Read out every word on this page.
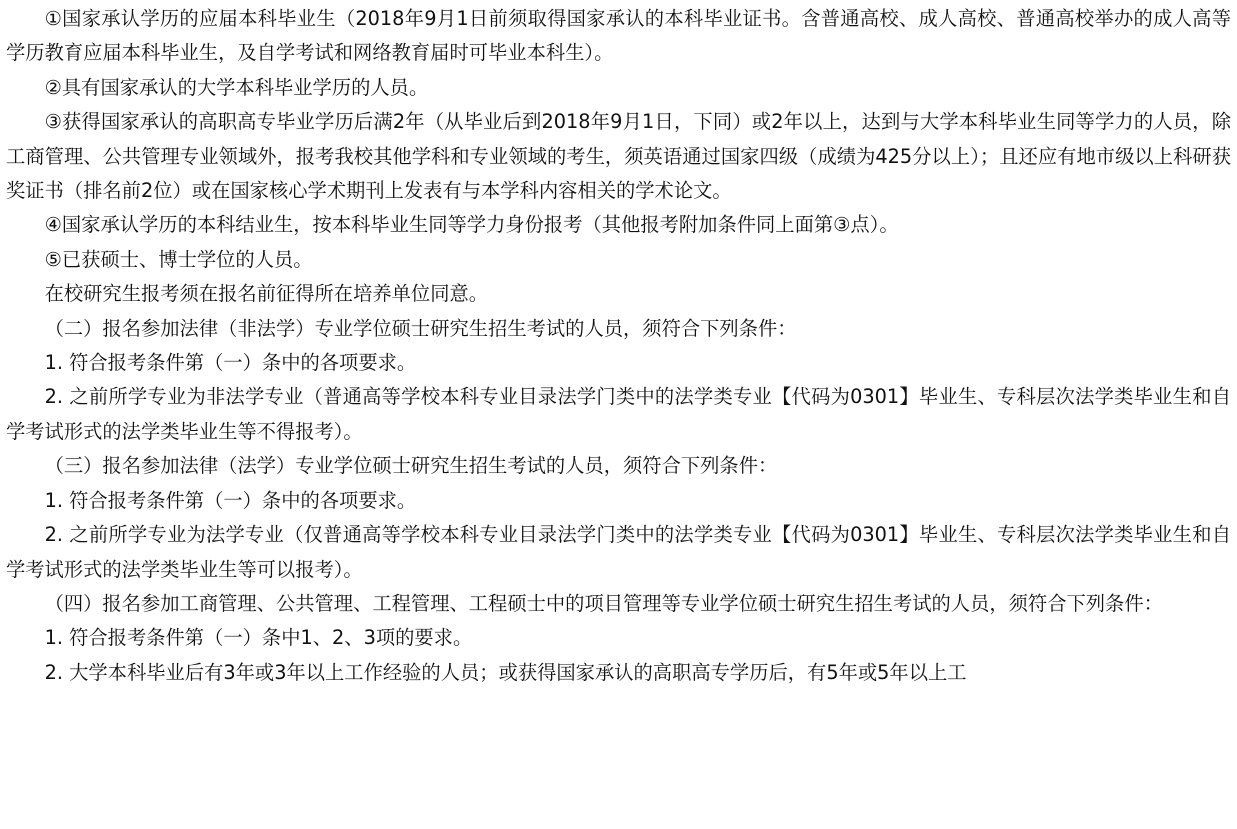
①国家承认学历的应届本科毕业生（2018年9月1日前须取得国家承认的本科毕业证书。含普通高校、成人高校、普通高校举办的成人高等学历教育应届本科毕业生，及自学考试和网络教育届时可毕业本科生）。

②具有国家承认的大学本科毕业学历的人员。

③获得国家承认的高职高专毕业学历后满2年（从毕业后到2018年9月1日，下同）或2年以上，达到与大学本科毕业生同等学力的人员，除工商管理、公共管理专业领域外，报考我校其他学科和专业领域的考生，须英语通过国家四级（成绩为425分以上）；且还应有地市级以上科研获奖证书（排名前2位）或在国家核心学术期刊上发表有与本学科内容相关的学术论文。

④国家承认学历的本科结业生，按本科毕业生同等学力身份报考（其他报考附加条件同上面第③点）。

⑤已获硕士、博士学位的人员。

在校研究生报考须在报名前征得所在培养单位同意。

（二）报名参加法律（非法学）专业学位硕士研究生招生考试的人员，须符合下列条件：

1. 符合报考条件第（一）条中的各项要求。

2. 之前所学专业为非法学专业（普通高等学校本科专业目录法学门类中的法学类专业【代码为0301】毕业生、专科层次法学类毕业生和自学考试形式的法学类毕业生等不得报考）。

（三）报名参加法律（法学）专业学位硕士研究生招生考试的人员，须符合下列条件：

1. 符合报考条件第（一）条中的各项要求。

2. 之前所学专业为法学专业（仅普通高等学校本科专业目录法学门类中的法学类专业【代码为0301】毕业生、专科层次法学类毕业生和自学考试形式的法学类毕业生等可以报考）。

（四）报名参加工商管理、公共管理、工程管理、工程硕士中的项目管理等专业学位硕士研究生招生考试的人员，须符合下列条件：

1. 符合报考条件第（一）条中1、2、3项的要求。

2. 大学本科毕业后有3年或3年以上工作经验的人员；或获得国家承认的高职高专学历后，有5年或5年以上工
